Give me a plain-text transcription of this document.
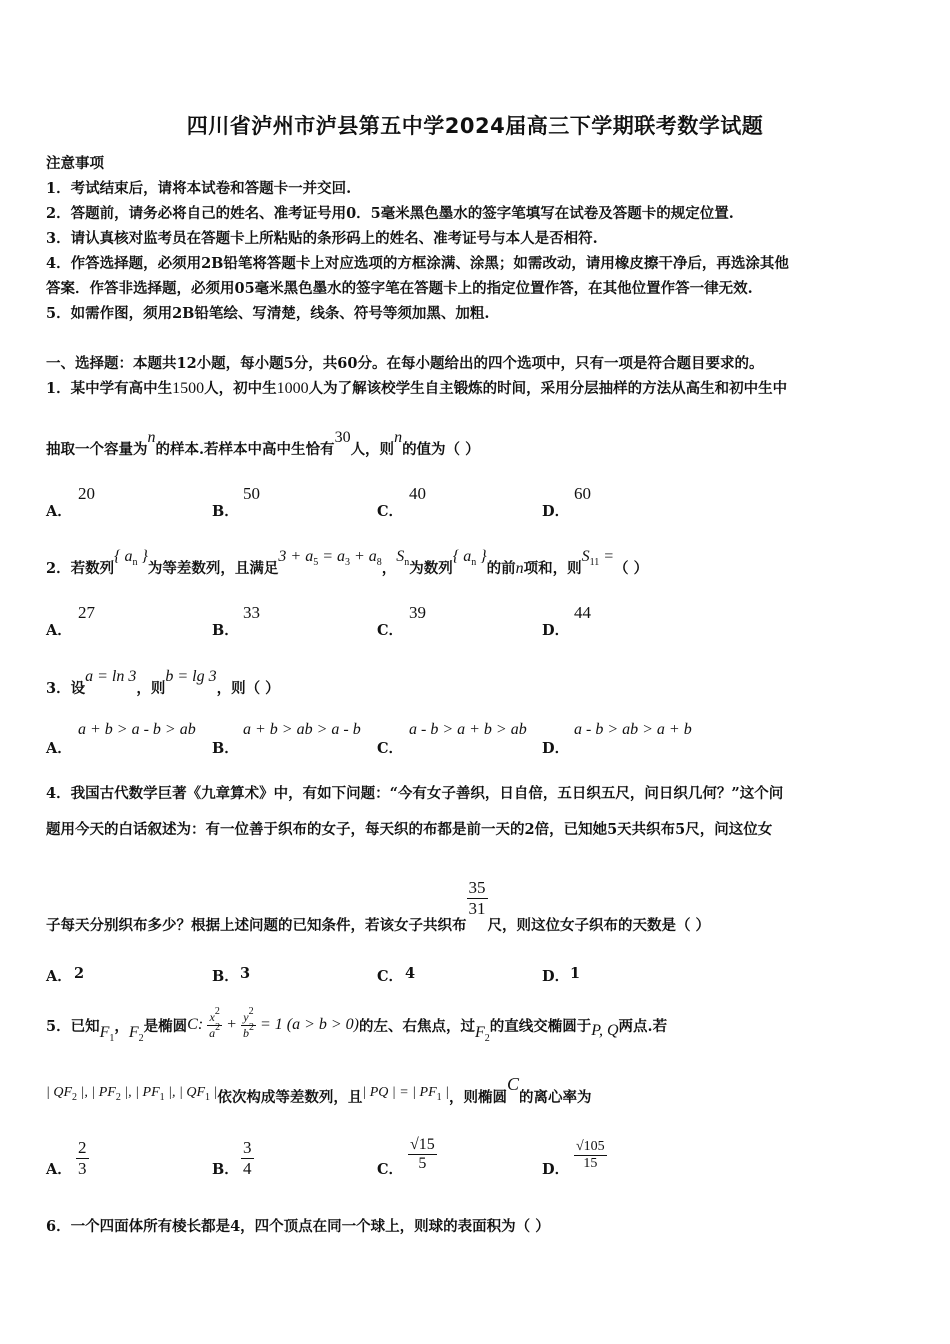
四川省泸州市泸县第五中学2024届高三下学期联考数学试题
注意事项
1．考试结束后，请将本试卷和答题卡一并交回.
2．答题前，请务必将自己的姓名、准考证号用0．5毫米黑色墨水的签字笔填写在试卷及答题卡的规定位置.
3．请认真核对监考员在答题卡上所粘贴的条形码上的姓名、准考证号与本人是否相符.
4．作答选择题，必须用2B铅笔将答题卡上对应选项的方框涂满、涂黑；如需改动，请用橡皮擦干净后，再选涂其他
答案．作答非选择题，必须用05毫米黑色墨水的签字笔在答题卡上的指定位置作答，在其他位置作答一律无效.
5．如需作图，须用2B铅笔绘、写清楚，线条、符号等须加黑、加粗.
一、选择题：本题共12小题，每小题5分，共60分。在每小题给出的四个选项中，只有一项是符合题目要求的。
1．某中学有高中生1500人，初中生1000人为了解该校学生自主锻炼的时间，采用分层抽样的方法从高生和初中生中
抽取一个容量为n的样本.若样本中高中生恰有30人，则n的值为（ ）
A．
20
B．
50
C．
40
D．
60
2．若数列{ $a_n$ }为等差数列，且满足$3 + a_5 = a_3 + a_8$，$S_n$为数列{ $a_n$ }的前n项和，则$S_{11}$ =（ ）
A．
27
B．
33
C．
39
D．
44
3．设a = ln 3，则b = lg 3，则（ ）
A．
a + b > a - b > ab
B．
a + b > ab > a - b
C．
a - b > a + b > ab
D．
a - b > ab > a + b
4．我国古代数学巨著《九章算术》中，有如下问题：“今有女子善织，日自倍，五日织五尺，问日织几何？”这个问
题用今天的白话叙述为：有一位善于织布的女子，每天织的布都是前一天的2倍，已知她5天共织布5尺，问这位女
子每天分别织布多少？根据上述问题的已知条件，若该女子共织布
$\frac{35}{31}$
尺，则这位女子织布的天数是（ ）
A． 2	B． 3	C． 4	D． 1
5．已知$F_1$，$F_2$是椭圆C: $\frac{x^2}{a^2} + \frac{y^2}{b^2} = 1$ (a > b > 0)的左、右焦点，过$F_2$的直线交椭圆于P, Q两点.若
| $QF_2$ |, | $PF_2$ |, | $PF_1$ |, | $QF_1$ |依次构成等差数列，且| PQ | = | $PF_1$ |，则椭圆C的离心率为
A． $\frac{2}{3}$	B． $\frac{3}{4}$	C． $\frac{√15}{5}$	D． $\frac{√105}{15}$
6．一个四面体所有棱长都是4，四个顶点在同一个球上，则球的表面积为（ ）
